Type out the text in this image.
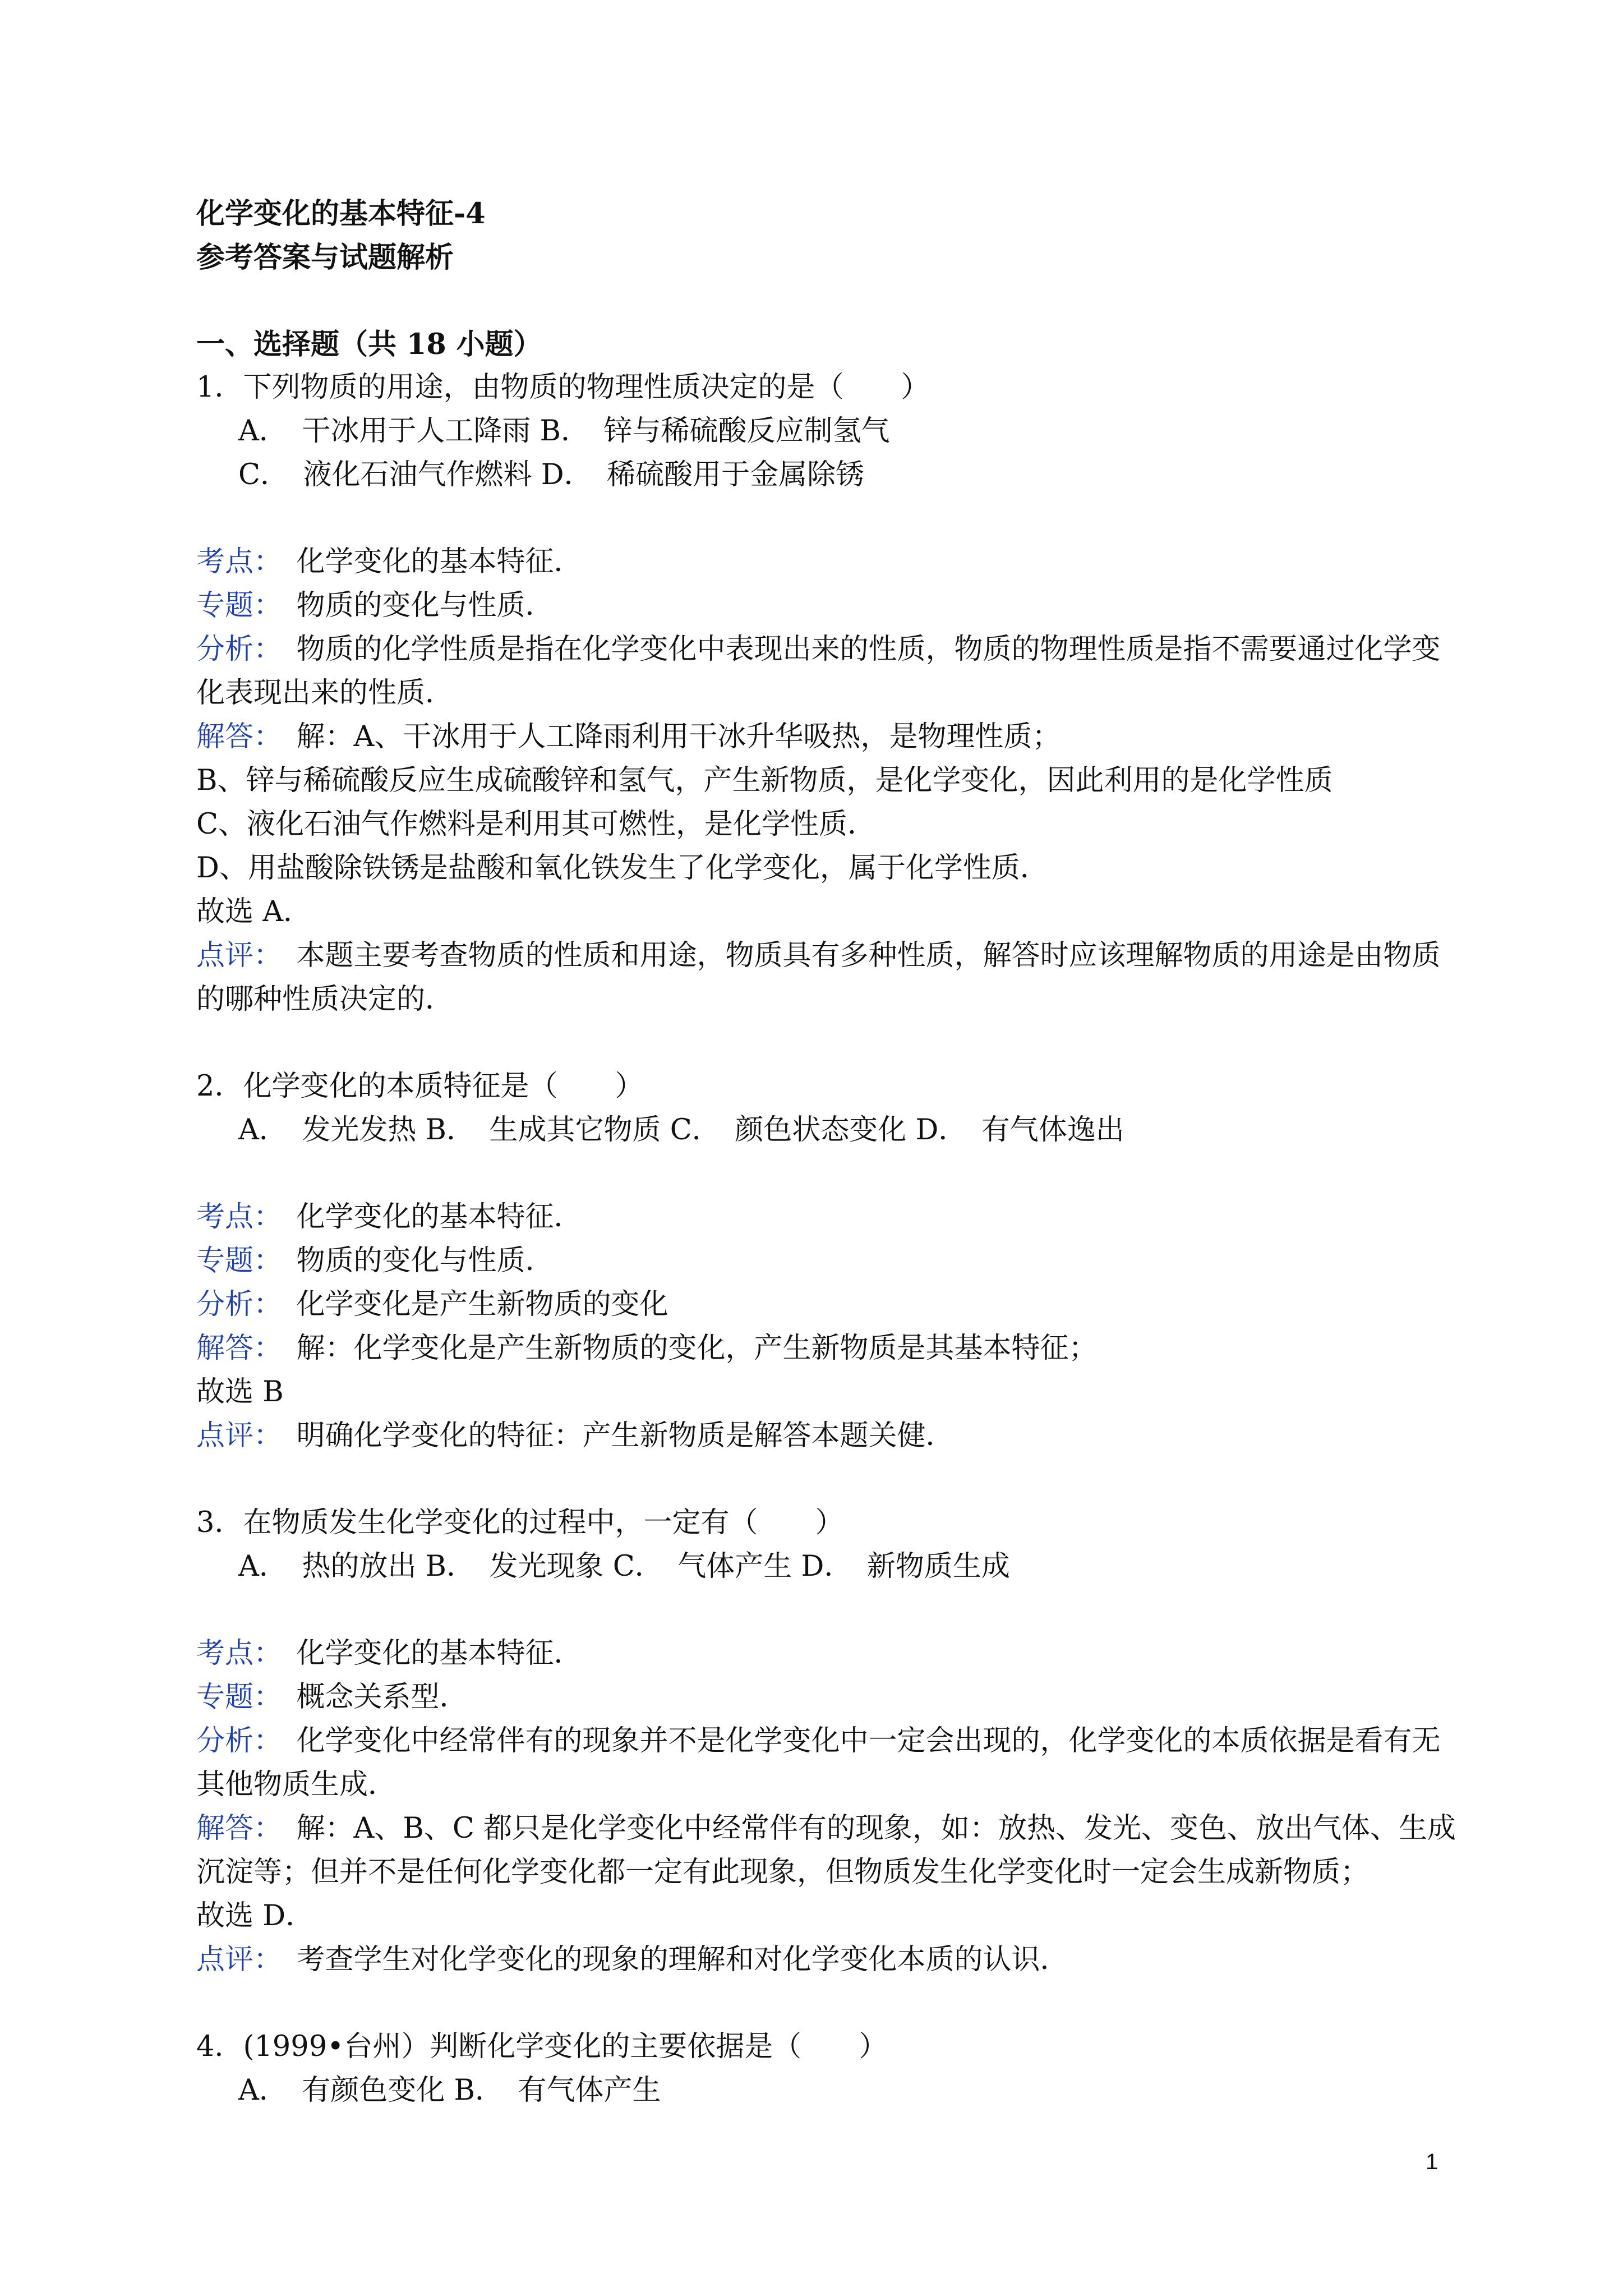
化学变化的基本特征-4
参考答案与试题解析
一、选择题（共 18 小题）
1．下列物质的用途，由物质的物理性质决定的是（　　）
A．　干冰用于人工降雨 B．　锌与稀硫酸反应制氢气
C．　液化石油气作燃料 D．　稀硫酸用于金属除锈
考点：　化学变化的基本特征．
专题：　物质的变化与性质．
分析：　物质的化学性质是指在化学变化中表现出来的性质，物质的物理性质是指不需要通过化学变
化表现出来的性质．
解答：　解：A、干冰用于人工降雨利用干冰升华吸热，是物理性质；
B、锌与稀硫酸反应生成硫酸锌和氢气，产生新物质，是化学变化，因此利用的是化学性质
C、液化石油气作燃料是利用其可燃性，是化学性质．
D、用盐酸除铁锈是盐酸和氧化铁发生了化学变化，属于化学性质．
故选 A．
点评：　本题主要考查物质的性质和用途，物质具有多种性质，解答时应该理解物质的用途是由物质
的哪种性质决定的．
2．化学变化的本质特征是（　　）
A．　发光发热 B．　生成其它物质 C．　颜色状态变化 D．　有气体逸出
考点：　化学变化的基本特征．
专题：　物质的变化与性质．
分析：　化学变化是产生新物质的变化
解答：　解：化学变化是产生新物质的变化，产生新物质是其基本特征；
故选 B
点评：　明确化学变化的特征：产生新物质是解答本题关健．
3．在物质发生化学变化的过程中，一定有（　　）
A．　热的放出 B．　发光现象 C．　气体产生 D．　新物质生成
考点：　化学变化的基本特征．
专题：　概念关系型．
分析：　化学变化中经常伴有的现象并不是化学变化中一定会出现的，化学变化的本质依据是看有无
其他物质生成．
解答：　解：A、B、C 都只是化学变化中经常伴有的现象，如：放热、发光、变色、放出气体、生成
沉淀等；但并不是任何化学变化都一定有此现象，但物质发生化学变化时一定会生成新物质；
故选 D．
点评：　考查学生对化学变化的现象的理解和对化学变化本质的认识．
4．(1999•台州）判断化学变化的主要依据是（　　）
A．　有颜色变化 B．　有气体产生
1
